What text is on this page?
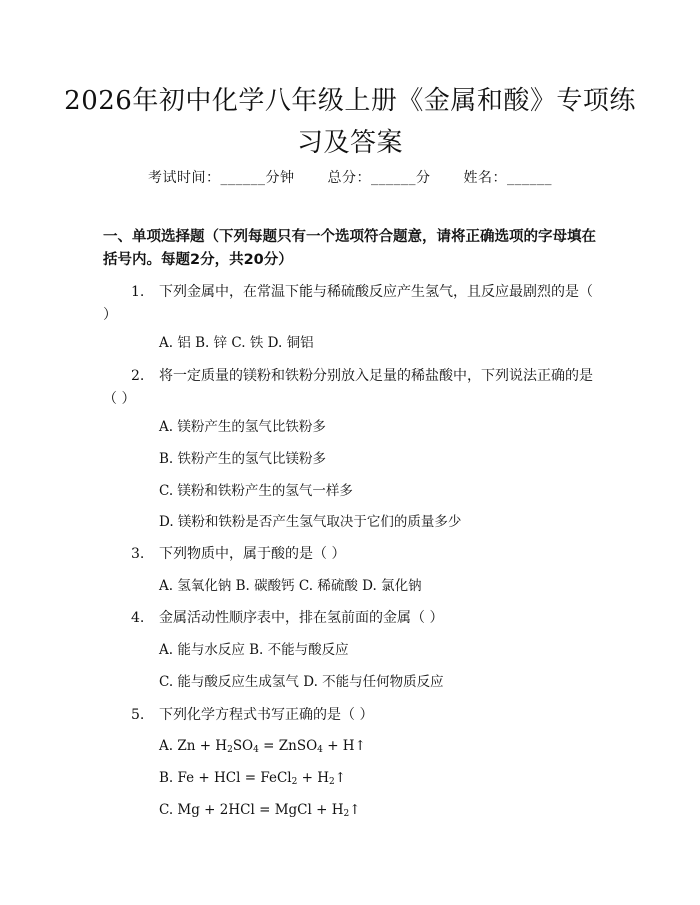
2026年初中化学八年级上册《金属和酸》专项练习及答案
考试时间：______分钟 总分：______分 姓名：______
一、单项选择题（下列每题只有一个选项符合题意，请将正确选项的字母填在括号内。每题2分，共20分）
1. 下列金属中，在常温下能与稀硫酸反应产生氢气，且反应最剧烈的是（ ）
A. 铝 B. 锌 C. 铁 D. 铜铝
2. 将一定质量的镁粉和铁粉分别放入足量的稀盐酸中，下列说法正确的是（ ）
A. 镁粉产生的氢气比铁粉多
B. 铁粉产生的氢气比镁粉多
C. 镁粉和铁粉产生的氢气一样多
D. 镁粉和铁粉是否产生氢气取决于它们的质量多少
3. 下列物质中，属于酸的是（ ）
A. 氢氧化钠 B. 碳酸钙 C. 稀硫酸 D. 氯化钠
4. 金属活动性顺序表中，排在氢前面的金属（ ）
A. 能与水反应 B. 不能与酸反应
C. 能与酸反应生成氢气 D. 不能与任何物质反应
5. 下列化学方程式书写正确的是（ ）
A. $Zn + H_2SO_4$ = ZnSO$_4$ + H↑
B. Fe + HCl = FeCl$_2$ + $H_2↑$
C. Mg + 2HCl = MgCl + $H_2↑$
